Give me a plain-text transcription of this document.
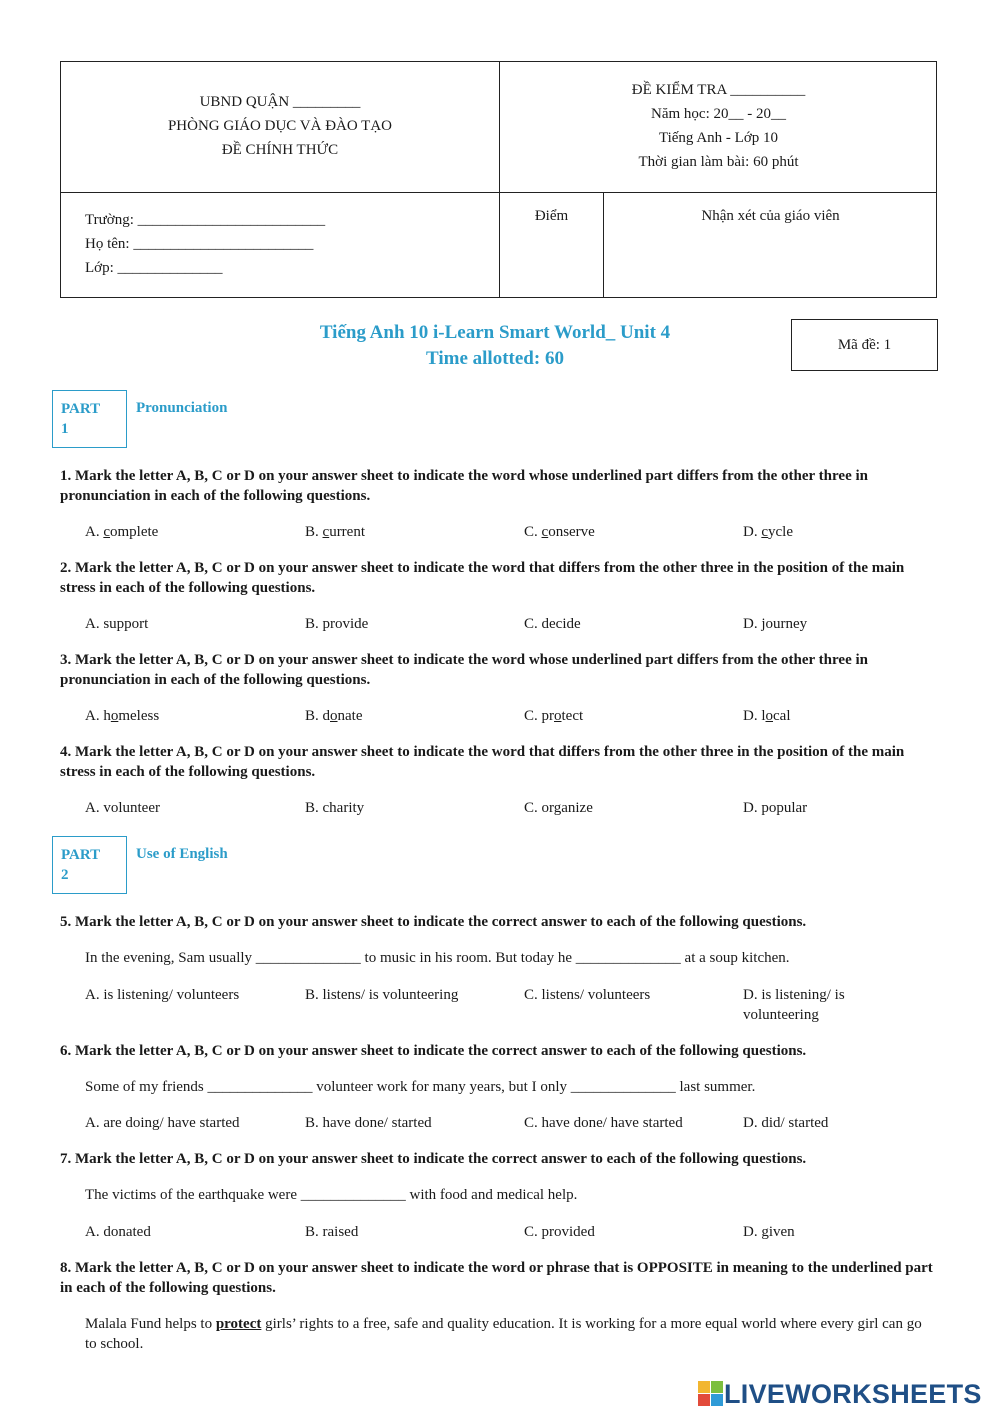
UBND QUẬN _________
PHÒNG GIÁO DỤC VÀ ĐÀO TẠO
ĐỀ CHÍNH THỨC
ĐỀ KIỂM TRA __________
Năm học: 20__ - 20__
Tiếng Anh - Lớp 10
Thời gian làm bài: 60 phút
Trường: _________________________
Họ tên: ________________________
Lớp: ______________
Điểm	Nhận xét của giáo viên
Tiếng Anh 10 i-Learn Smart World_ Unit 4
Time allotted: 60
Mã đề: 1
PART
1
Pronunciation
1. Mark the letter A, B, C or D on your answer sheet to indicate the word whose underlined part differs from the other three in pronunciation in each of the following questions.
A. complete	B. current	C. conserve	D. cycle
2. Mark the letter A, B, C or D on your answer sheet to indicate the word that differs from the other three in the position of the main stress in each of the following questions.
A. support	B. provide	C. decide	D. journey
3. Mark the letter A, B, C or D on your answer sheet to indicate the word whose underlined part differs from the other three in pronunciation in each of the following questions.
A. homeless	B. donate	C. protect	D. local
4. Mark the letter A, B, C or D on your answer sheet to indicate the word that differs from the other three in the position of the main stress in each of the following questions.
A. volunteer	B. charity	C. organize	D. popular
PART
2
Use of English
5. Mark the letter A, B, C or D on your answer sheet to indicate the correct answer to each of the following questions.
In the evening, Sam usually ______________ to music in his room. But today he ______________ at a soup kitchen.
A. is listening/ volunteers	B. listens/ is volunteering	C. listens/ volunteers	D. is listening/ is volunteering
6. Mark the letter A, B, C or D on your answer sheet to indicate the correct answer to each of the following questions.
Some of my friends ______________ volunteer work for many years, but I only ______________ last summer.
A. are doing/ have started	B. have done/ started	C. have done/ have started	D. did/ started
7. Mark the letter A, B, C or D on your answer sheet to indicate the correct answer to each of the following questions.
The victims of the earthquake were ______________ with food and medical help.
A. donated	B. raised	C. provided	D. given
8. Mark the letter A, B, C or D on your answer sheet to indicate the word or phrase that is OPPOSITE in meaning to the underlined part in each of the following questions.
Malala Fund helps to protect girls’ rights to a free, safe and quality education. It is working for a more equal world where every girl can go to school.
LIVEWORKSHEETS
